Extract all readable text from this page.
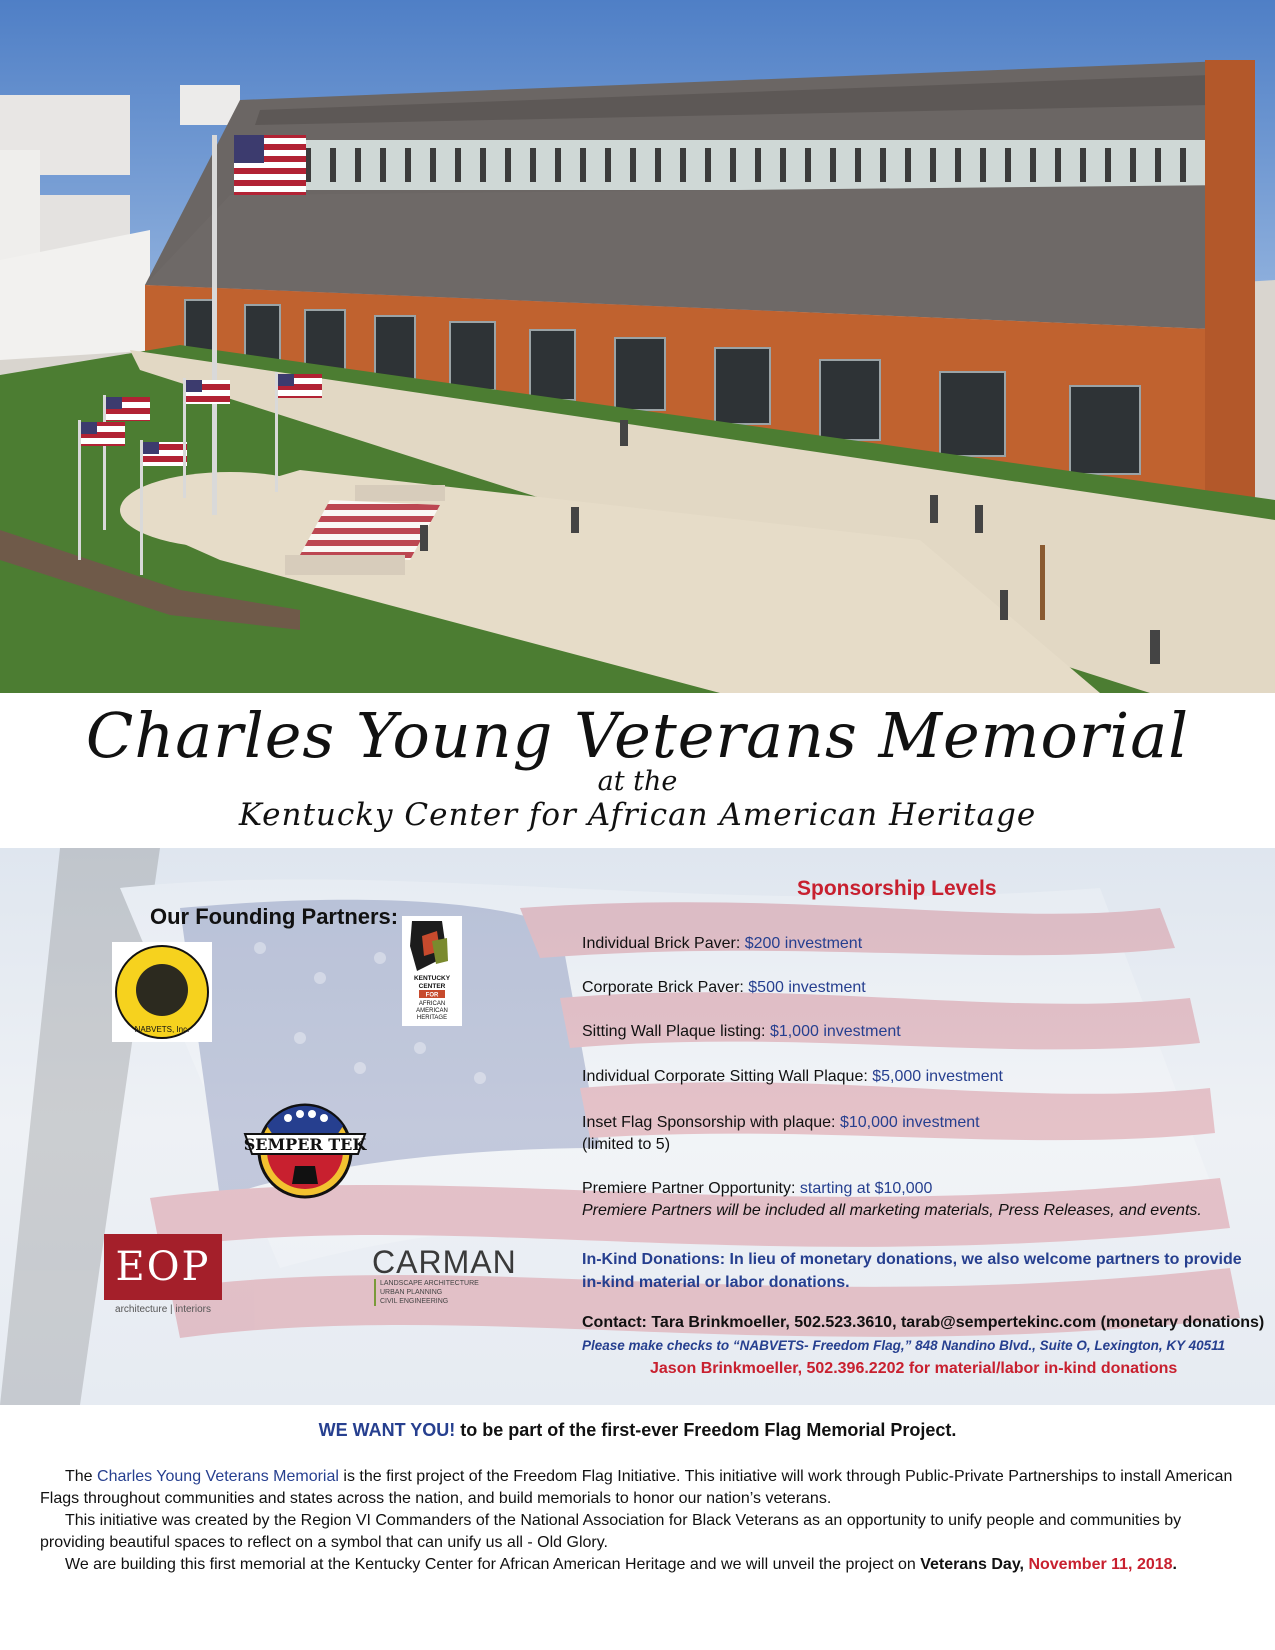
Charles Young Veterans Memorial
at the
Kentucky Center for African American Heritage
Our Founding Partners:
NABVETS, Inc.
KENTUCKY
CENTER
FOR
AFRICAN
AMERICAN
HERITAGE
SEMPER TEK
EOP
architecture | interiors
CARMAN
LANDSCAPE ARCHITECTURE
URBAN PLANNING
CIVIL ENGINEERING
Sponsorship Levels
Individual Brick Paver: $200 investment
Corporate Brick Paver: $500 investment
Sitting Wall Plaque listing: $1,000 investment
Individual Corporate Sitting Wall Plaque: $5,000 investment
Inset Flag Sponsorship with plaque: $10,000 investment
(limited to 5)
Premiere Partner Opportunity: starting at $10,000
Premiere Partners will be included all marketing materials, Press Releases, and events.
In-Kind Donations: In lieu of monetary donations, we also welcome partners to provide in-kind material or labor donations.
Contact: Tara Brinkmoeller, 502.523.3610, tarab@sempertekinc.com (monetary donations)
Please make checks to “NABVETS- Freedom Flag,” 848 Nandino Blvd., Suite O, Lexington, KY 40511
Jason Brinkmoeller, 502.396.2202 for material/labor in-kind donations
WE WANT YOU! to be part of the first-ever Freedom Flag Memorial Project.

The Charles Young Veterans Memorial is the first project of the Freedom Flag Initiative. This initiative will work through Public-Private Partnerships to install American Flags throughout communities and states across the nation, and build memorials to honor our nation’s veterans.

This initiative was created by the Region VI Commanders of the National Association for Black Veterans as an opportunity to unify people and communities by providing beautiful spaces to reflect on a symbol that can unify us all - Old Glory.

We are building this first memorial at the Kentucky Center for African American Heritage and we will unveil the project on Veterans Day, November 11, 2018.
